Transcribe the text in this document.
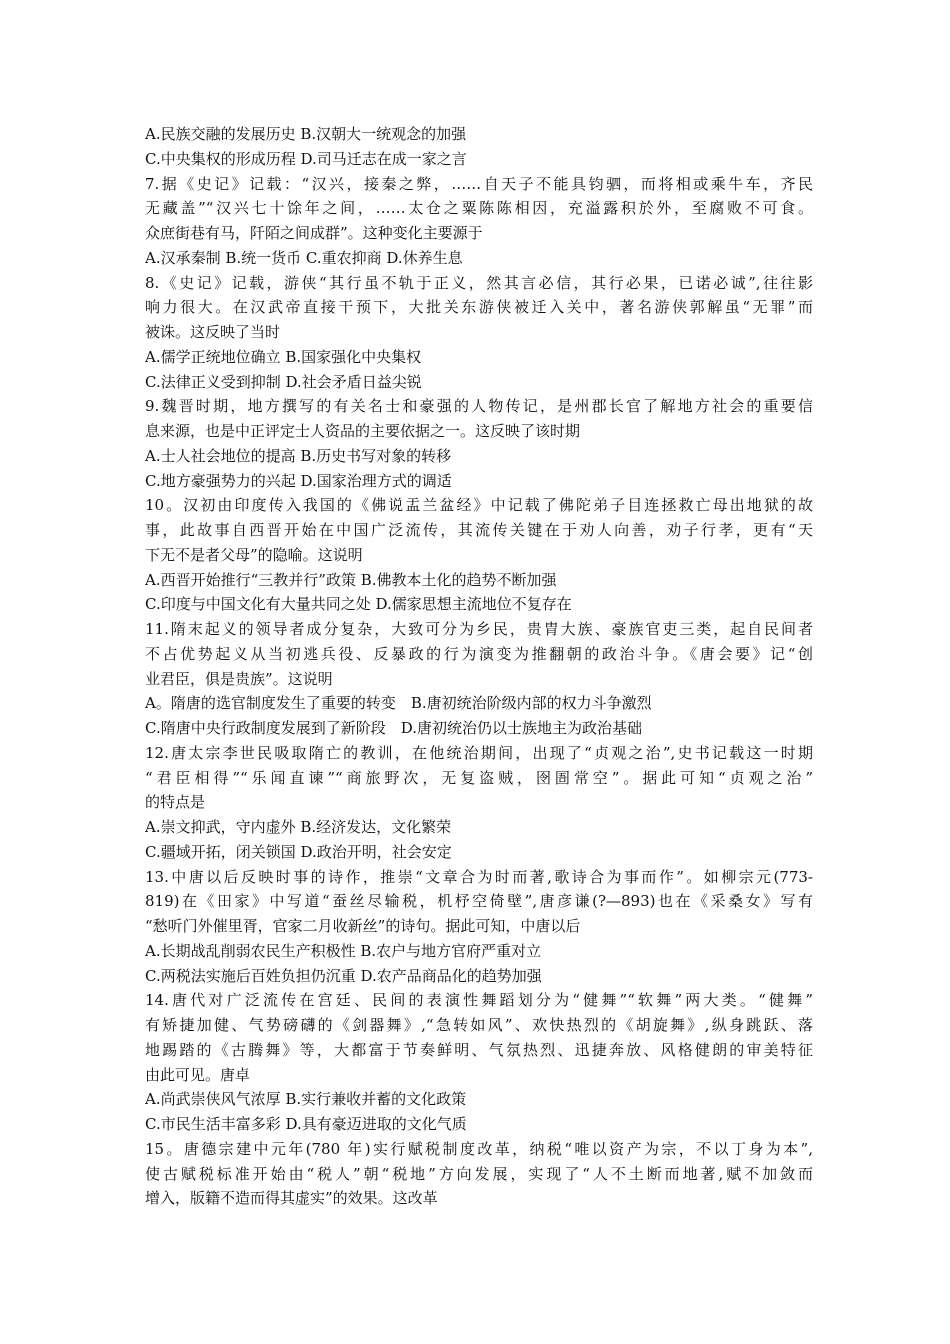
A.民族交融的发展历史 B.汉朝大一统观念的加强
C.中央集权的形成历程 D.司马迁志在成一家之言
7.据《史记》记载：“汉兴，接秦之弊，……自天子不能具钧驷，而将相或乘牛车，齐民
无藏盖”“汉兴七十馀年之间，……太仓之粟陈陈相因，充溢露积於外，至腐败不可食。
众庶街巷有马，阡陌之间成群”。这种变化主要源于
A.汉承秦制 B.统一货币 C.重农抑商 D.休养生息
8.《史记》记载，游侠“其行虽不轨于正义，然其言必信，其行必果，已诺必诚”,往往影
响力很大。在汉武帝直接干预下，大批关东游侠被迁入关中，著名游侠郭解虽“无罪”而
被诛。这反映了当时
A.儒学正统地位确立 B.国家强化中央集权
C.法律正义受到抑制 D.社会矛盾日益尖锐
9.魏晋时期，地方撰写的有关名士和豪强的人物传记，是州郡长官了解地方社会的重要信
息来源，也是中正评定士人资品的主要依据之一。这反映了该时期
A.士人社会地位的提高 B.历史书写对象的转移
C.地方豪强势力的兴起 D.国家治理方式的调适
10。汉初由印度传入我国的《佛说盂兰盆经》中记载了佛陀弟子目连拯救亡母出地狱的故
事，此故事自西晋开始在中国广泛流传，其流传关键在于劝人向善，劝子行孝，更有“天
下无不是者父母”的隐喻。这说明
A.西晋开始推行“三教并行”政策 B.佛教本土化的趋势不断加强
C.印度与中国文化有大量共同之处 D.儒家思想主流地位不复存在
11.隋末起义的领导者成分复杂，大致可分为乡民，贵胄大族、豪族官吏三类，起自民间者
不占优势起义从当初逃兵役、反暴政的行为演变为推翻朝的政治斗争。《唐会要》记“创
业君臣，俱是贵族”。这说明
A。隋唐的选官制度发生了重要的转变　B.唐初统治阶级内部的权力斗争激烈
C.隋唐中央行政制度发展到了新阶段　D.唐初统治仍以士族地主为政治基础
12.唐太宗李世民吸取隋亡的教训，在他统治期间，出现了“贞观之治”,史书记载这一时期
“君臣相得”“乐闻直谏”“商旅野次，无复盗贼，囹圄常空”。据此可知“贞观之治”
的特点是
A.崇文抑武，守内虚外 B.经济发达，文化繁荣
C.疆域开拓，闭关锁国 D.政治开明，社会安定
13.中唐以后反映时事的诗作，推崇“文章合为时而著,歌诗合为事而作”。如柳宗元(773-
819)在《田家》中写道“蚕丝尽输税，机杼空倚壁”,唐彦谦(?—893)也在《采桑女》写有
“愁听门外催里胥，官家二月收新丝”的诗句。据此可知，中唐以后
A.长期战乱削弱农民生产积极性 B.农户与地方官府严重对立
C.两税法实施后百姓负担仍沉重 D.农产品商品化的趋势加强
14.唐代对广泛流传在宫廷、民间的表演性舞蹈划分为“健舞”“软舞”两大类。“健舞”
有矫捷加健、气势磅礴的《剑器舞》,“急转如风”、欢快热烈的《胡旋舞》,纵身跳跃、落
地踢踏的《古腾舞》等，大都富于节奏鲜明、气氛热烈、迅捷奔放、风格健朗的审美特征
由此可见。唐卓
A.尚武崇侠风气浓厚 B.实行兼收并蓄的文化政策
C.市民生活丰富多彩 D.具有豪迈进取的文化气质
15。唐德宗建中元年(780 年)实行赋税制度改革，纳税“唯以资产为宗，不以丁身为本”,
使古赋税标准开始由“税人”朝“税地”方向发展，实现了“人不土断而地著,赋不加敛而
增入，版籍不造而得其虚实”的效果。这改革
